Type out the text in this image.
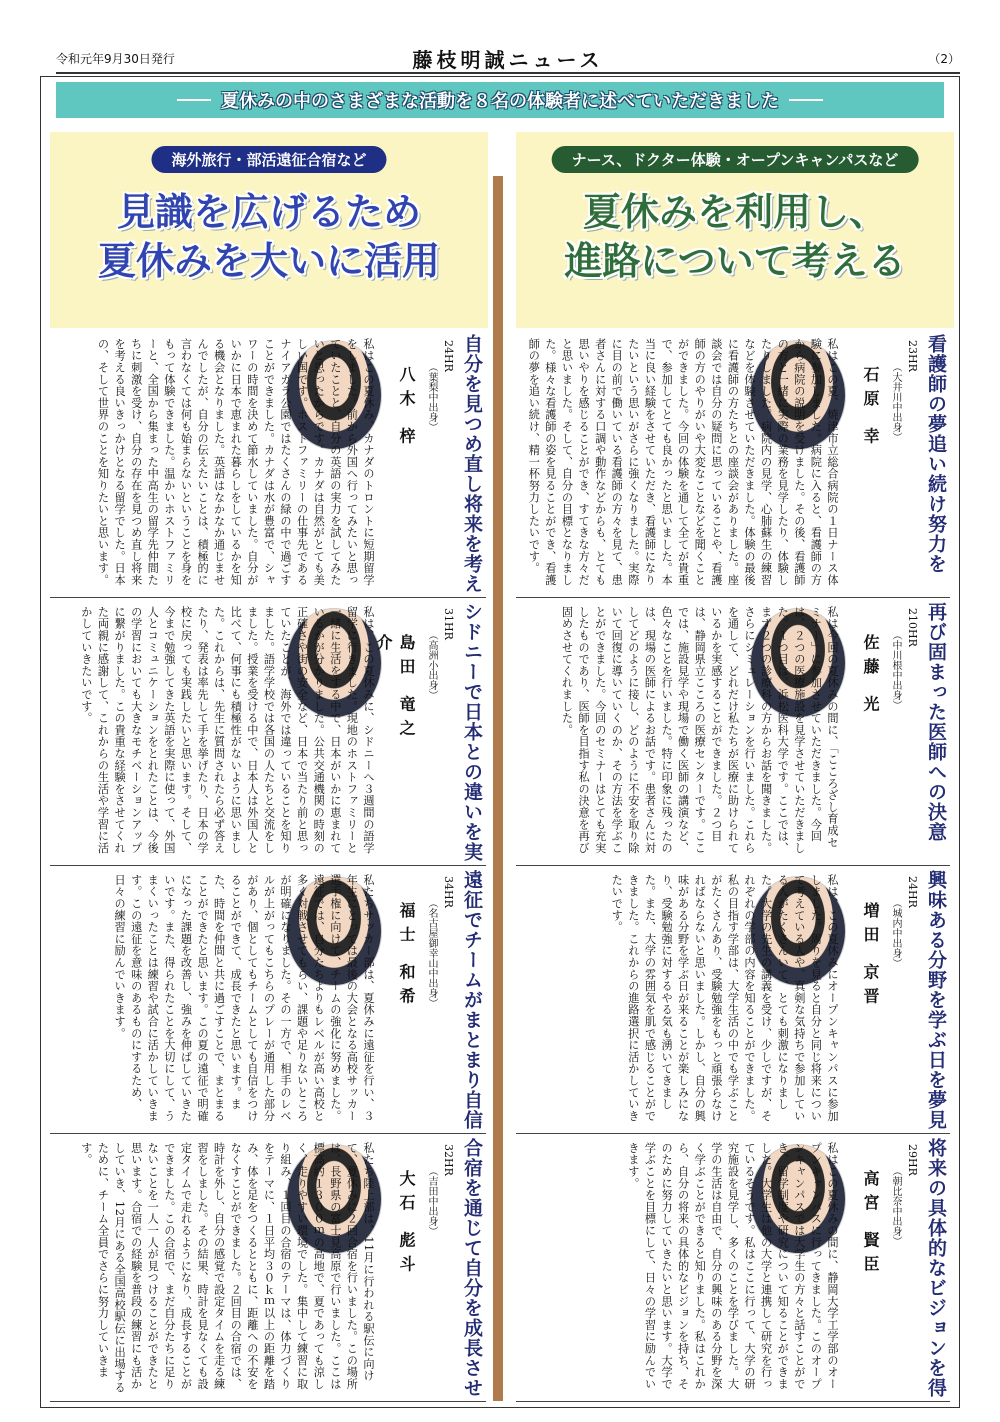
令和元年9月30日発行	藤枝明誠ニュース	（2）
夏休みの中のさまざまな活動を８名の体験者に述べていただきました
海外旅行・部活遠征合宿など
見識を広げるため
夏休みを大いに活用
ナース、ドクター体験・オープンキャンパスなど
夏休みを利用し、
進路について考える
自分を見つめ直し将来を考え
24HR
（葉梨中出身）
八木 梓
私はこの夏休み、カナダのトロントに短期留学をしました。前から外国へ行ってみたいと思っていたことと、自分の英語の実力を試してみたいと思ったからです。カナダは自然がとても美しい国です。ホストファミリーの仕事先であるナイアガラ公園ではたくさんの緑の中で過ごすことができました。カナダは水が豊富で、シャワーの時間を決めて節水していました。自分がいかに日本で恵まれた暮らしをしているかを知る機会となりました。英語はなかなか通じませんでしたが、自分の伝えたいことは、積極的に言わなくては何も始まらないということを身をもって体験できました。温かいホストファミリーと、全国から集まった中高生の留学先仲間たちに刺激を受け、自分の存在を見つめ直し将来を考える良いきっかけとなる留学でした。日本の、そして世界のことを知りたいと思います。
シドニーで日本との違いを実
31HR
（高洲小出身）
島田 竜之介
私は、この夏休みに、シドニーへ３週間の語学留学に行きました。現地のホストファミリーと一緒に生活をする中で、日本がいかに恵まれているかが分かりました。公共交通機関の時刻の正確さや街の安全など、日本で当たり前と思っていたことが、海外では違っていることを知りました。語学学校では各国の人たちと交流をしました。授業を受ける中で、日本人は外国人と比べて、何事にも積極性がないように思いました。これからは、先生に質問されたら必ず答えたり、発表は率先して手を挙げたり、日本の学校に戻っても実践したいと思います。そして、今まで勉強してきた英語を実際に使って、外国人とコミュニケーションをとれたことは、今後の学習においても大きなモチベーションアップに繋がりました。この貴重な経験をさせてくれた両親に感謝して、これからの生活や学習に活かしていきたいです。
遠征でチームがまとまり自信
34HR
（名古屋御幸山中出身）
福士 和希
私たちサッカー部は、夏休みに遠征を行い、３年生にとっては最後の大会となる高校サッカー選手権に向けて、チームの強化に努めました。遠征では、自分たちよりもレベルが高い高校と多く対戦させてもらい、課題や足りないところが明確になりました。その一方で、相手のレベルが上がってもこちらのプレーが通用した部分があり、個としてもチームとしても自信をつけることができて、成長できたと思います。また、時間を仲間と共に過ごすことで、まとまることができたと思います。この夏の遠征で明確になった課題を改善し、強みを伸ばしていきたいです。また、得られたことを大切にして、うまくいったことは練習や試合に活かしていきます。この遠征を意味のあるものにするため、日々の練習に励んでいきます。
合宿を通じて自分を成長させ
32HR
（吉田中出身）
大石 彪斗
私たち陸上部は、11月に行われる駅伝に向けて、夏休みに２回合宿を行いました。この場所は、長野県の富士見高原で行いました。ここは標高約１３００ｍの高地で、夏であっても涼しく、走りやすい環境でした。集中して練習に取り組み、１回目の合宿のテーマは、体力づくりをテーマに、１日平均３０ｋｍ以上の距離を踏み、体を足をつくるとともに、距離への不安をなくすことができました。２回目の合宿では、時計を外し、自分の感覚で設定タイムを走る練習をしました。その結果、時計を見なくても設定タイムで走れるようになり、成長することができました。この合宿で、まだ自分たちに足りないことを一人一人が見つけることができたと思います。合宿での経験を普段の練習にも活かしていき、12月にある全国高校駅伝に出場するために、チーム全員でさらに努力していきます。
看護師の夢追い続け努力を
23HR
（大井川中出身）
石原 幸
私はこの夏、焼津市立総合病院の１日ナース体験に参加しました。病院に入ると、看護師の方から病院の説明を受けました。その後、看護師の方と一緒に実際の業務を見学したり、体験したりしました。病院内の見学、心肺蘇生の練習などを体験させていただきました。体験の最後に看護師の方たちとの座談会がありました。座談会では自分の疑問に思っていることや、看護師の方のやりがいや大変なことなどを聞くことができました。今回の体験を通して全てが貴重で、参加してとても良かったと思いました。本当に良い経験をさせていただき、看護師になりたいという思いがさらに強くなりました。実際に目の前で働いている看護師の方々を見て、患者さんに対する口調や動作などからも、とても思いやりを感じることができ、すてきな方々だと思いました。そして、自分の目標となりました。様々な看護師の姿を見ることができ、看護師の夢を追い続け、精一杯努力したいです。
再び固まった医師への決意
210HR
（中川根中出身）
佐藤 光
私は今回の夏休みの間に、「こころざし育成セミナー」に参加させていただきました。今回は、２つの医療施設を見学させていただきました。１つ目は、浜松医科大学です。ここでは、まず２つの診療科の方からお話を聞きました。さらにシミュレーションを行いました。これらを通して、どれだけ私たちが医療に助けられているかを実感することができました。２つ目は、静岡県立こころの医療センターです。ここでは、施設見学や現場で働く医師の講演など、色々なことを行いました。特に印象に残ったのは、現場の医師によるお話です。患者さんに対してどのように接し、どのように不安を取り除いて回復に導いていくのか、その方法を学ぶことができました。今回のセミナーはとても充実したものであり、医師を目指す私の決意を再び固めさせてくれました。
興味ある分野を学ぶ日を夢見
24HR
（城内中出身）
増田 京晋
私は、この夏休みにオープンキャンパスに参加しました。周りを見ると自分と同じ将来について考えている人や、真剣な気持ちで参加している人がたくさんいて、とても刺激になりました。大学の先生の講義を受け、少しですが、それぞれの学部の内容を知ることができました。私の目指す学部は、大学生活の中でも学ぶことがたくさんあり、受験勉強をもっと頑張らなければならないと思いました。しかし、自分の興味がある分野を学ぶ日が来ることが楽しみになり、受験勉強に対するやる気も湧いてきました。また、大学の雰囲気を肌で感じることができました。これからの進路選択に活かしていきたいです。
将来の具体的なビジョンを得
29HR
（朝比奈中出身）
高宮 賢臣
私はこの夏休みの間に、静岡大学工学部のオープンキャンパスに行ってきました。このオープンキャンパスでは大学生の方々と話すことができ、留学制度や研究について知ることができました。大学生は他の大学と連携して研究を行っているそうです。私はここに行って、大学の研究施設を見学し、多くのことを学びました。大学の生活は自由で、自分の興味のある分野を深く学ぶことができると知りました。私はこれから、自分の将来の具体的なビジョンを持ち、そのために努力していきたいと思います。大学で学ぶことを目標にして、日々の学習に励んでいきます。
